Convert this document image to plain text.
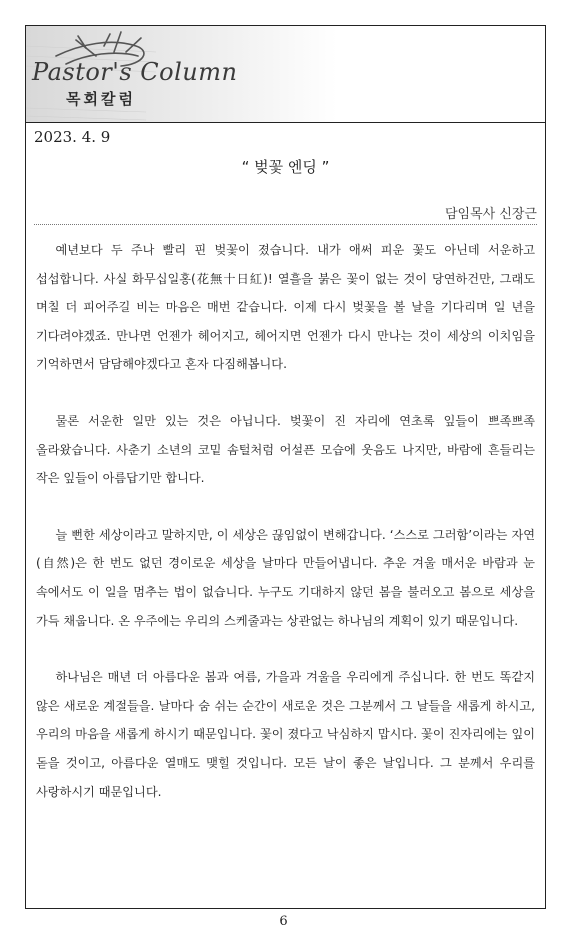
Pastor's Column
목회칼럼
2023. 4. 9
“ 벚꽃 엔딩 ”
담임목사 신장근

예년보다 두 주나 빨리 핀 벚꽃이 졌습니다. 내가 애써 피운 꽃도 아닌데 서운하고 섭섭합니다. 사실 화무십일홍(花無十日紅)! 열흘을 붉은 꽃이 없는 것이 당연하건만, 그래도 며칠 더 피어주길 비는 마음은 매번 같습니다. 이제 다시 벚꽃을 볼 날을 기다리며 일 년을 기다려야겠죠. 만나면 언젠가 헤어지고, 헤어지면 언젠가 다시 만나는 것이 세상의 이치임을 기억하면서 담담해야겠다고 혼자 다짐해봅니다.

물론 서운한 일만 있는 것은 아닙니다. 벚꽃이 진 자리에 연초록 잎들이 쁘족쁘족 올라왔습니다. 사춘기 소년의 코밑 솜털처럼 어설픈 모습에 웃음도 나지만, 바람에 흔들리는 작은 잎들이 아름답기만 합니다.

늘 뻔한 세상이라고 말하지만, 이 세상은 끊임없이 변해갑니다. ‘스스로 그러함’이라는 자연(自然)은 한 번도 없던 경이로운 세상을 날마다 만들어냅니다. 추운 겨울 매서운 바람과 눈 속에서도 이 일을 멈추는 법이 없습니다. 누구도 기대하지 않던 봄을 불러오고 봄으로 세상을 가득 채웁니다. 온 우주에는 우리의 스케줄과는 상관없는 하나님의 계획이 있기 때문입니다.

하나님은 매년 더 아름다운 봄과 여름, 가을과 겨울을 우리에게 주십니다. 한 번도 똑같지 않은 새로운 계절들을. 날마다 숨 쉬는 순간이 새로운 것은 그분께서 그 날들을 새롭게 하시고, 우리의 마음을 새롭게 하시기 때문입니다. 꽃이 졌다고 낙심하지 맙시다. 꽃이 진자리에는 잎이 돋을 것이고, 아름다운 열매도 맺힐 것입니다. 모든 날이 좋은 날입니다. 그 분께서 우리를 사랑하시기 때문입니다.

6
